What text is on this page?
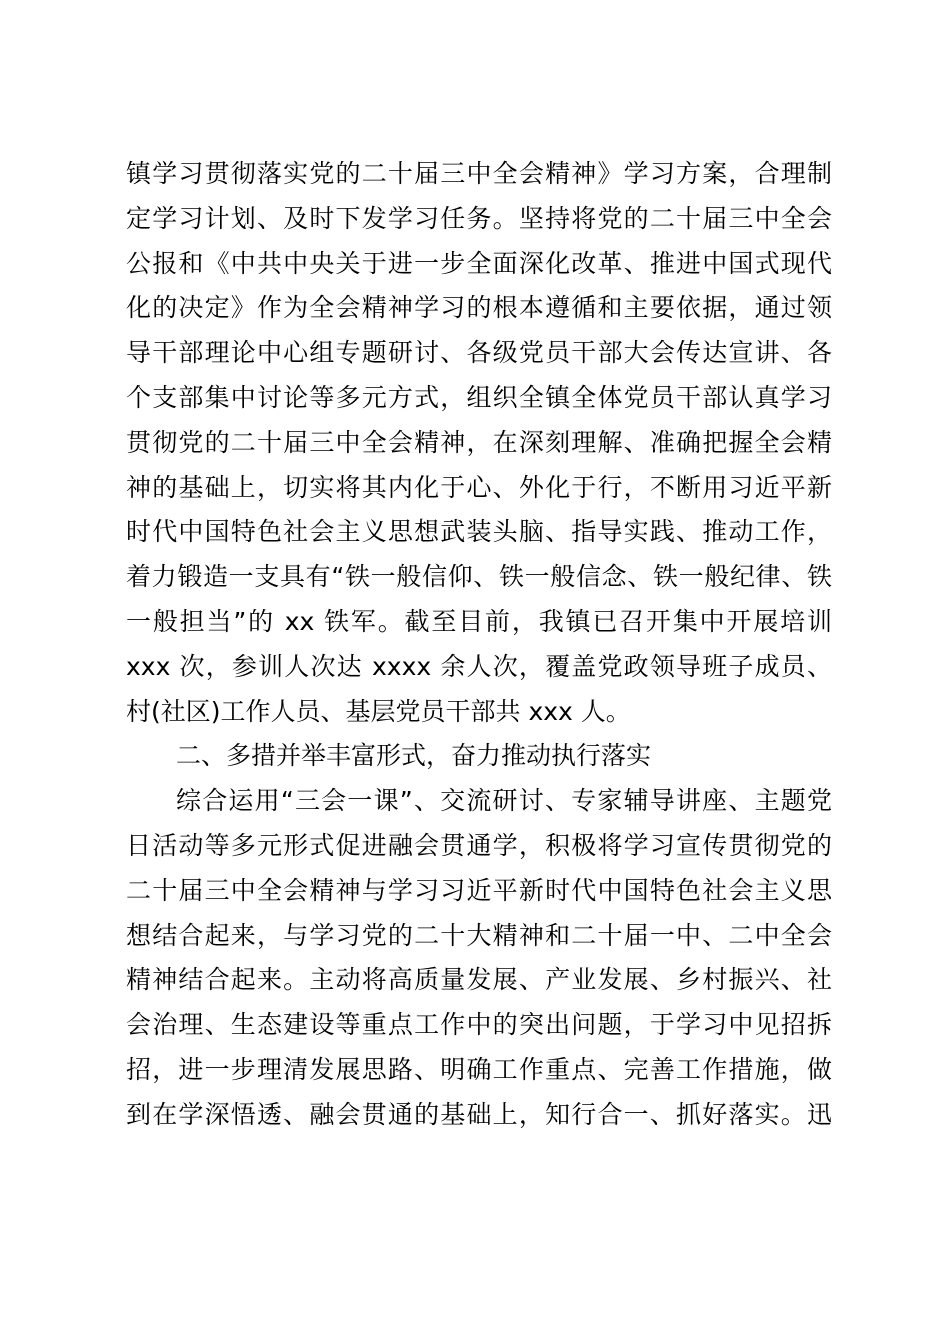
镇学习贯彻落实党的二十届三中全会精神》学习方案，合理制
定学习计划、及时下发学习任务。坚持将党的二十届三中全会
公报和《中共中央关于进一步全面深化改革、推进中国式现代
化的决定》作为全会精神学习的根本遵循和主要依据，通过领
导干部理论中心组专题研讨、各级党员干部大会传达宣讲、各
个支部集中讨论等多元方式，组织全镇全体党员干部认真学习
贯彻党的二十届三中全会精神，在深刻理解、准确把握全会精
神的基础上，切实将其内化于心、外化于行，不断用习近平新
时代中国特色社会主义思想武装头脑、指导实践、推动工作，
着力锻造一支具有“铁一般信仰、铁一般信念、铁一般纪律、铁
一般担当”的 xx 铁军。截至目前，我镇已召开集中开展培训
xxx 次，参训人次达 xxxx 余人次，覆盖党政领导班子成员、
村(社区)工作人员、基层党员干部共 xxx 人。
二、多措并举丰富形式，奋力推动执行落实
综合运用“三会一课”、交流研讨、专家辅导讲座、主题党
日活动等多元形式促进融会贯通学，积极将学习宣传贯彻党的
二十届三中全会精神与学习习近平新时代中国特色社会主义思
想结合起来，与学习党的二十大精神和二十届一中、二中全会
精神结合起来。主动将高质量发展、产业发展、乡村振兴、社
会治理、生态建设等重点工作中的突出问题，于学习中见招拆
招，进一步理清发展思路、明确工作重点、完善工作措施，做
到在学深悟透、融会贯通的基础上，知行合一、抓好落实。迅
